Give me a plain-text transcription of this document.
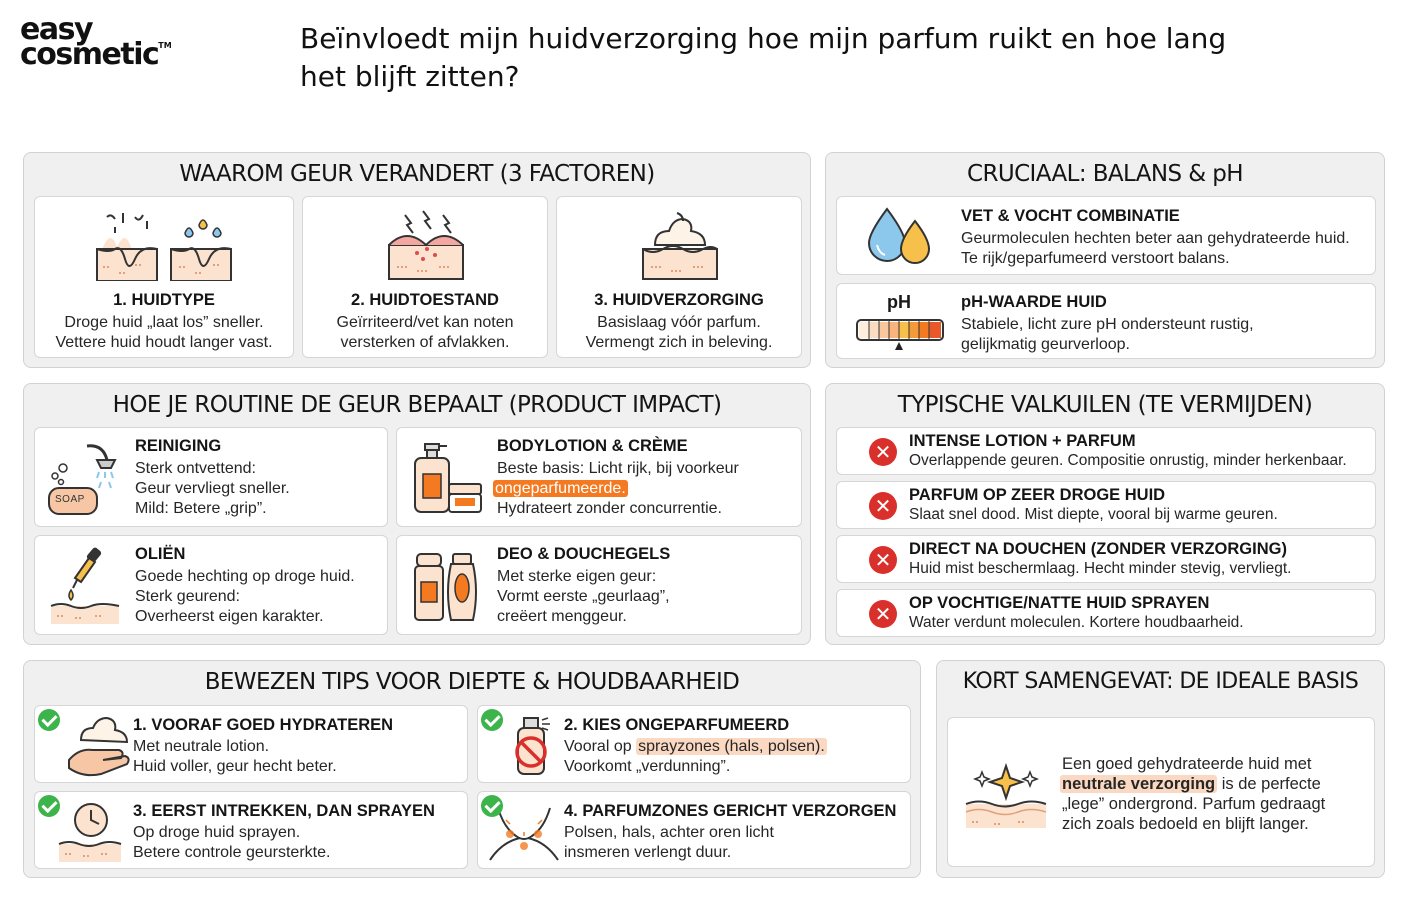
easy
cosmetic™	Beïnvloedt mijn huidverzorging hoe mijn parfum ruikt en hoe lang het blijft zitten?
WAAROM GEUR VERANDERT (3 FACTOREN)
1. HUIDTYPE
Droge huid „laat los” sneller.
Vettere huid houdt langer vast.
2. HUIDTOESTAND
Geïrriteerd/vet kan noten
versterken of afvlakken.
3. HUIDVERZORGING
Basislaag vóór parfum.
Vermengt zich in beleving.
CRUCIAAL: BALANS & pH
VET & VOCHT COMBINATIE
Geurmoleculen hechten beter aan gehydrateerde huid.
Te rijk/geparfumeerd verstoort balans.
pH	pH-WAARDE HUID
Stabiele, licht zure pH ondersteunt rustig,
gelijkmatig geurverloop.
HOE JE ROUTINE DE GEUR BEPAALT (PRODUCT IMPACT)
SOAP
REINIGING
Sterk ontvettend:
Geur vervliegt sneller.
Mild: Betere „grip”.
BODYLOTION & CRÈME
Beste basis: Licht rijk, bij voorkeur
ongeparfumeerde.
Hydrateert zonder concurrentie.
OLIËN
Goede hechting op droge huid.
Sterk geurend:
Overheerst eigen karakter.
DEO & DOUCHEGELS
Met sterke eigen geur:
Vormt eerste „geurlaag”,
creëert menggeur.
TYPISCHE VALKUILEN (TE VERMIJDEN)
✕	INTENSE LOTION + PARFUM
Overlappende geuren. Compositie onrustig, minder herkenbaar.
✕	PARFUM OP ZEER DROGE HUID
Slaat snel dood. Mist diepte, vooral bij warme geuren.
✕	DIRECT NA DOUCHEN (ZONDER VERZORGING)
Huid mist beschermlaag. Hecht minder stevig, vervliegt.
✕	OP VOCHTIGE/NATTE HUID SPRAYEN
Water verdunt moleculen. Kortere houdbaarheid.
BEWEZEN TIPS VOOR DIEPTE & HOUDBAARHEID
1. VOORAF GOED HYDRATEREN
Met neutrale lotion.
Huid voller, geur hecht beter.
2. KIES ONGEPARFUMEERD
Vooral op sprayzones (hals, polsen).
Voorkomt „verdunning”.
3. EERST INTREKKEN, DAN SPRAYEN
Op droge huid sprayen.
Betere controle geursterkte.
4. PARFUMZONES GERICHT VERZORGEN
Polsen, hals, achter oren licht
insmeren verlengt duur.
KORT SAMENGEVAT: DE IDEALE BASIS
Een goed gehydrateerde huid met
neutrale verzorging is de perfecte
„lege” ondergrond. Parfum gedraagt
zich zoals bedoeld en blijft langer.
